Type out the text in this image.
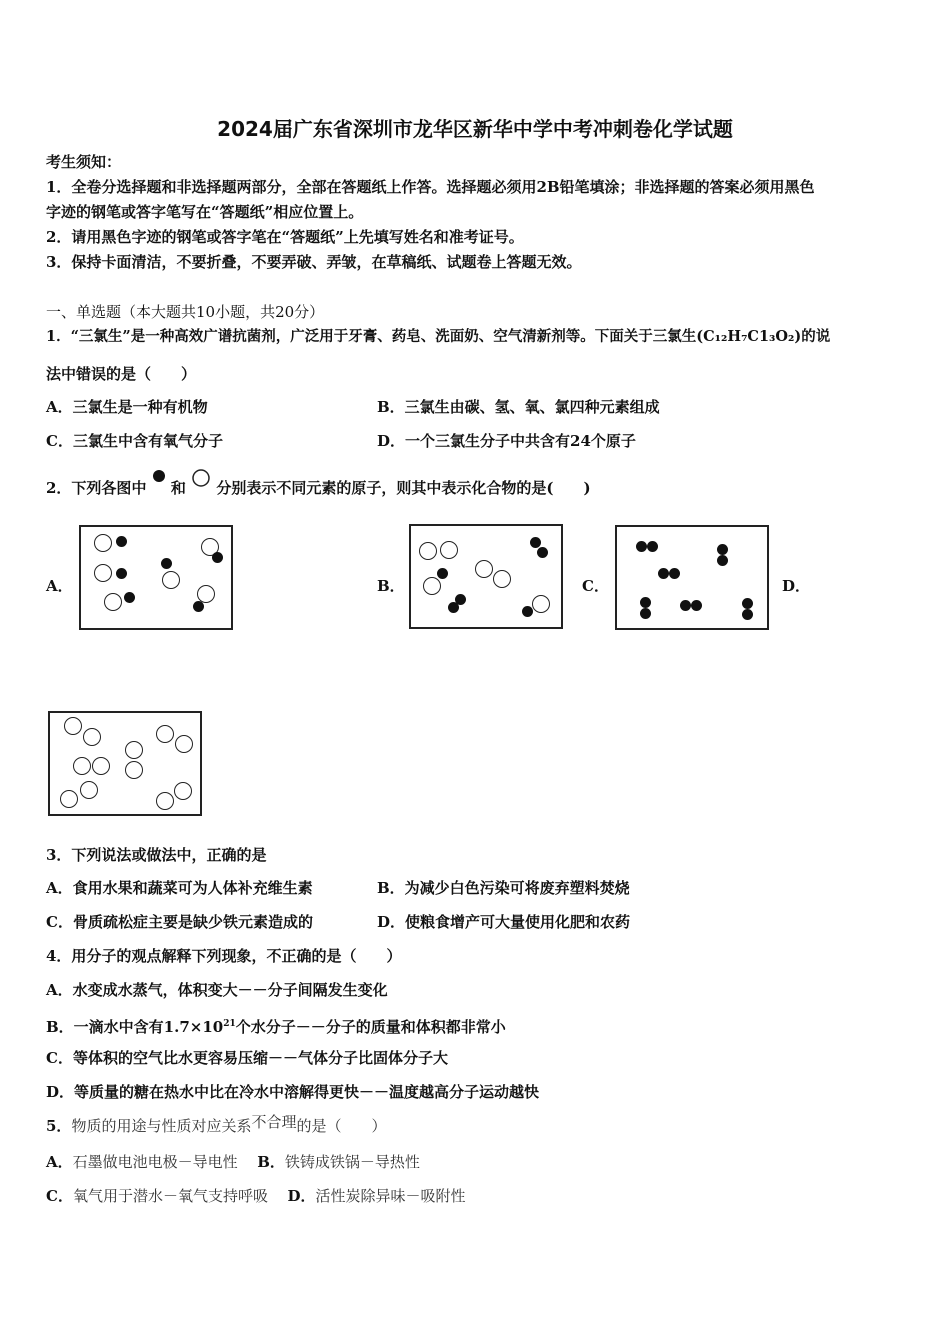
2024届广东省深圳市龙华区新华中学中考冲刺卷化学试题
考生须知：
1．全卷分选择题和非选择题两部分，全部在答题纸上作答。选择题必须用2B铅笔填涂；非选择题的答案必须用黑色
字迹的钢笔或答字笔写在“答题纸”相应位置上。
2．请用黑色字迹的钢笔或答字笔在“答题纸”上先填写姓名和准考证号。
3．保持卡面清洁，不要折叠，不要弄破、弄皱，在草稿纸、试题卷上答题无效。
一、单选题（本大题共10小题，共20分）
1．“三氯生”是一种高效广谱抗菌剂，广泛用于牙膏、药皂、洗面奶、空气清新剂等。下面关于三氯生(C₁₂H₇C1₃O₂)的说
法中错误的是（　　）
A．三氯生是一种有机物	B．三氯生由碳、氢、氧、氯四种元素组成
C．三氯生中含有氧气分子	D．一个三氯生分子中共含有24个原子
2．下列各图中 和 分别表示不同元素的原子，则其中表示化合物的是(　　)
A．	B．	C．	D．
3．下列说法或做法中，正确的是
A．食用水果和蔬菜可为人体补充维生素	B．为减少白色污染可将废弃塑料焚烧
C．骨质疏松症主要是缺少铁元素造成的	D．使粮食增产可大量使用化肥和农药
4．用分子的观点解释下列现象，不正确的是（　　）
A．水变成水蒸气，体积变大－－分子间隔发生变化
B．一滴水中含有$1.7\times 10^{21}$个水分子－－分子的质量和体积都非常小
C．等体积的空气比水更容易压缩－－气体分子比固体分子大
D．等质量的糖在热水中比在冷水中溶解得更快－－温度越高分子运动越快
5．物质的用途与性质对应关系不合理的是（　　）
A．石墨做电池电极－导电性 B．铁铸成铁锅－导热性
C．氧气用于潜水－氧气支持呼吸 D．活性炭除异味－吸附性
